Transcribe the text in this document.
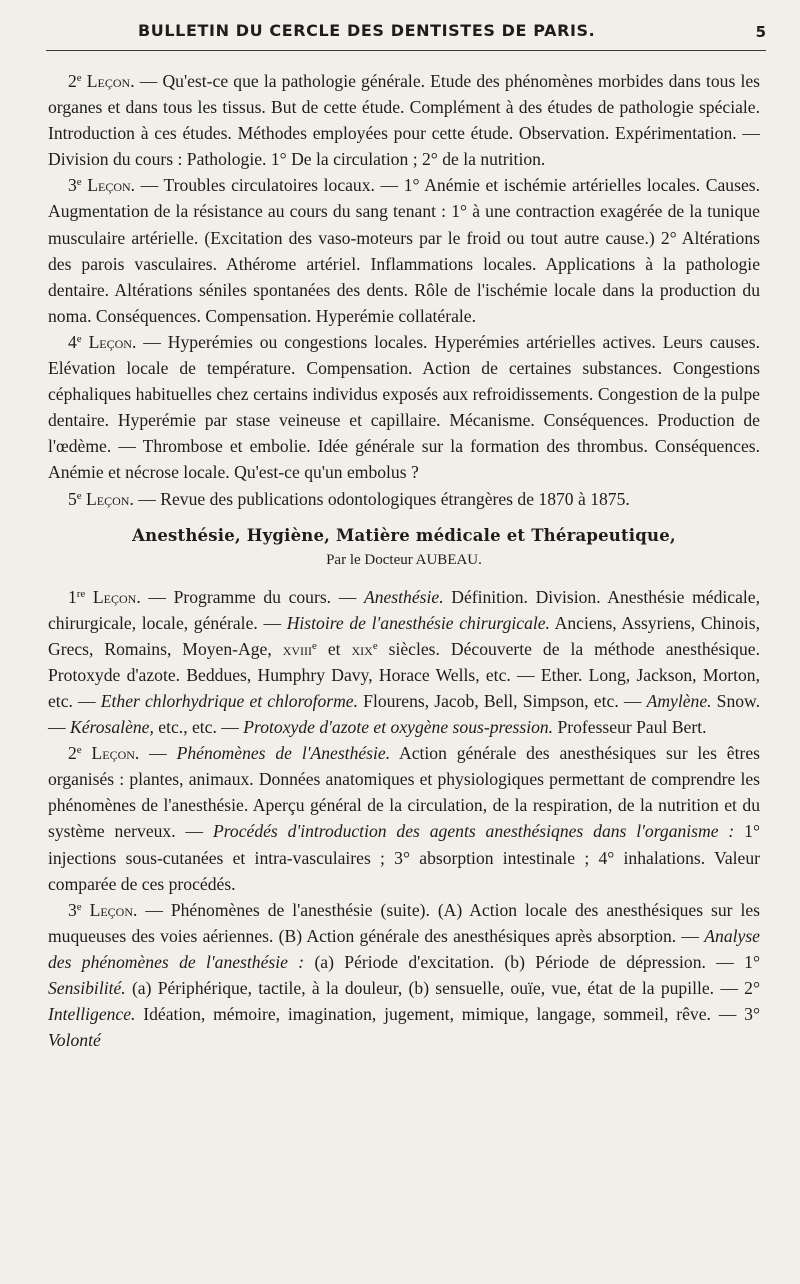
BULLETIN DU CERCLE DES DENTISTES DE PARIS.	5

2e Leçon. — Qu'est-ce que la pathologie générale. Etude des phénomènes morbides dans tous les organes et dans tous les tissus. But de cette étude. Complément à des études de pathologie spéciale. Introduction à ces études. Méthodes employées pour cette étude. Observation. Expérimentation. — Division du cours : Pathologie. 1° De la circulation ; 2° de la nutrition.

3e Leçon. — Troubles circulatoires locaux. — 1° Anémie et ischémie artérielles locales. Causes. Augmentation de la résistance au cours du sang tenant : 1° à une contraction exagérée de la tunique musculaire artérielle. (Excitation des vaso-moteurs par le froid ou tout autre cause.) 2° Altérations des parois vasculaires. Athérome artériel. Inflammations locales. Applications à la pathologie dentaire. Altérations séniles spontanées des dents. Rôle de l'ischémie locale dans la production du noma. Conséquences. Compensation. Hyperémie collatérale.

4e Leçon. — Hyperémies ou congestions locales. Hyperémies artérielles actives. Leurs causes. Elévation locale de température. Compensation. Action de certaines substances. Congestions céphaliques habituelles chez certains individus exposés aux refroidissements. Congestion de la pulpe dentaire. Hyperémie par stase veineuse et capillaire. Mécanisme. Conséquences. Production de l'œdème. — Thrombose et embolie. Idée générale sur la formation des thrombus. Conséquences. Anémie et nécrose locale. Qu'est-ce qu'un embolus ?

5e Leçon. — Revue des publications odontologiques étrangères de 1870 à 1875.

Anesthésie, Hygiène, Matière médicale et Thérapeutique,
Par le Docteur AUBEAU.

1re Leçon. — Programme du cours. — Anesthésie. Définition. Division. Anesthésie médicale, chirurgicale, locale, générale. — Histoire de l'anesthésie chirurgicale. Anciens, Assyriens, Chinois, Grecs, Romains, Moyen-Age, xviii$^e$ et xix$^e$ siècles. Découverte de la méthode anesthésique. Protoxyde d'azote. Beddues, Humphry Davy, Horace Wells, etc. — Ether. Long, Jackson, Morton, etc. — Ether chlorhydrique et chloroforme. Flourens, Jacob, Bell, Simpson, etc. — Amylène. Snow. — Kérosalène, etc., etc. — Protoxyde d'azote et oxygène sous-pression. Professeur Paul Bert.

2e Leçon. — Phénomènes de l'Anesthésie. Action générale des anesthésiques sur les êtres organisés : plantes, animaux. Données anatomiques et physiologiques permettant de comprendre les phénomènes de l'anesthésie. Aperçu général de la circulation, de la respiration, de la nutrition et du système nerveux. — Procédés d'introduction des agents anesthésiqnes dans l'organisme : 1° injections sous-cutanées et intra-vasculaires ; 3° absorption intestinale ; 4° inhalations. Valeur comparée de ces procédés.

3e Leçon. — Phénomènes de l'anesthésie (suite). (A) Action locale des anesthésiques sur les muqueuses des voies aériennes. (B) Action générale des anesthésiques après absorption. — Analyse des phénomènes de l'anesthésie : (a) Période d'excitation. (b) Période de dépression. — 1° Sensibilité. (a) Périphérique, tactile, à la douleur, (b) sensuelle, ouïe, vue, état de la pupille. — 2° Intelligence. Idéation, mémoire, imagination, jugement, mimique, langage, sommeil, rêve. — 3° Volonté
